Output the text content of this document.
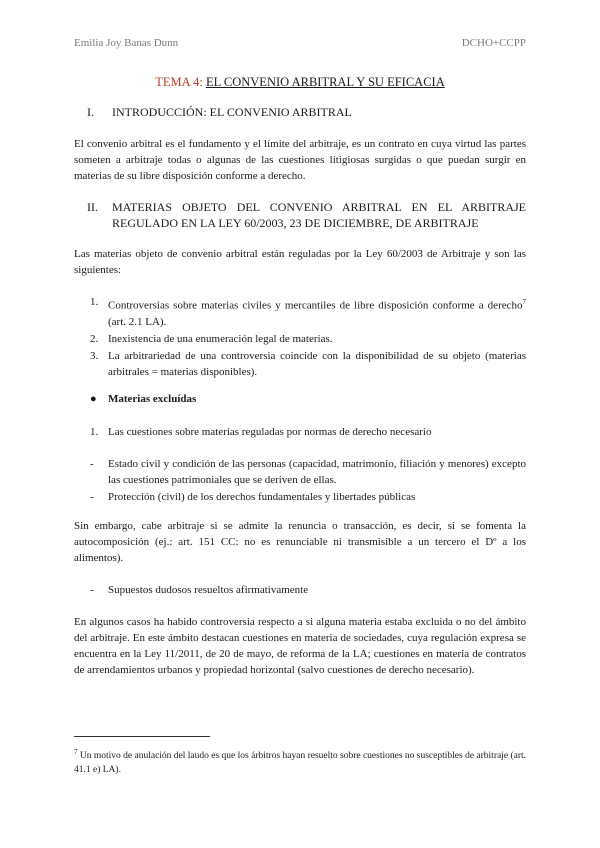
Emilia Joy Banas Dunn	DCHO+CCPP
TEMA 4: EL CONVENIO ARBITRAL Y SU EFICACIA
I. INTRODUCCIÓN: EL CONVENIO ARBITRAL
El convenio arbitral es el fundamento y el límite del arbitraje, es un contrato en cuya virtud las partes someten a arbitraje todas o algunas de las cuestiones litigiosas surgidas o que puedan surgir en materias de su libre disposición conforme a derecho.
II. MATERIAS OBJETO DEL CONVENIO ARBITRAL EN EL ARBITRAJE REGULADO EN LA LEY 60/2003, 23 DE DICIEMBRE, DE ARBITRAJE
Las materias objeto de convenio arbitral están reguladas por la Ley 60/2003 de Arbitraje y son las siguientes:
1. Controversias sobre materias civiles y mercantiles de libre disposición conforme a derecho$^7$ (art. 2.1 LA).
2. Inexistencia de una enumeración legal de materias.
3. La arbitrariedad de una controversia coincide con la disponibilidad de su objeto (materias arbitrales = materias disponibles).
● Materias excluídas
1. Las cuestiones sobre materias reguladas por normas de derecho necesario
- Estado civil y condición de las personas (capacidad, matrimonio, filiación y menores) excepto las cuestiones patrimoniales que se deriven de ellas.
- Protección (civil) de los derechos fundamentales y libertades públicas
Sin embargo, cabe arbitraje si se admite la renuncia o transacción, es decir, si se fomenta la autocomposición (ej.: art. 151 CC: no es renunciable ni transmisible a un tercero el Dº a los alimentos).
- Supuestos dudosos resueltos afirmativamente
En algunos casos ha habido controversia respecto a si alguna materia estaba excluida o no del ámbito del arbitraje. En este ámbito destacan cuestiones en materia de sociedades, cuya regulación expresa se encuentra en la Ley 11/2011, de 20 de mayo, de reforma de la LA; cuestiones en materia de contratos de arrendamientos urbanos y propiedad horizontal (salvo cuestiones de derecho necesario).
$^7$ Un motivo de anulación del laudo es que los árbitros hayan resuelto sobre cuestiones no susceptibles de arbitraje (art. 41.1 e) LA).
